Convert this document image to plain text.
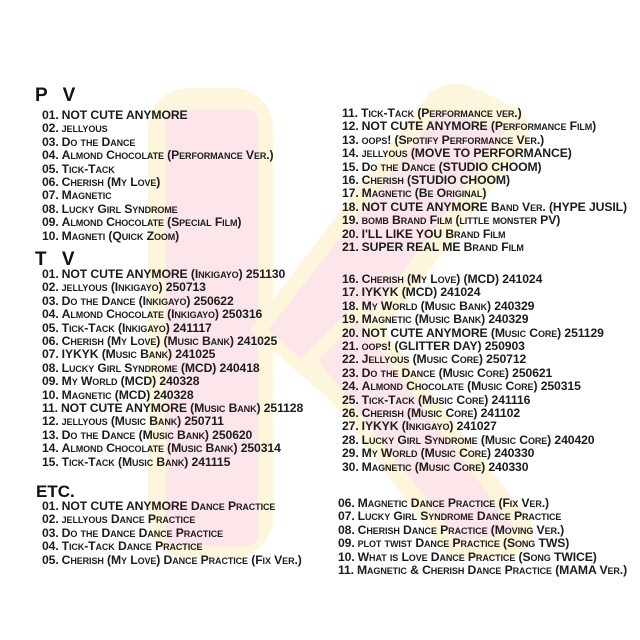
P V
01. NOT CUTE ANYMORE
02. jellyous
03. Do the Dance
04. Almond Chocolate (Performance Ver.)
05. Tick-Tack
06. Cherish (My Love)
07. Magnetic
08. Lucky Girl Syndrome
09. Almond Chocolate (Special Film)
10. Magneti (Quick Zoom)
11. Tick-Tack (Performance ver.)
12. NOT CUTE ANYMORE (Performance Film)
13. oops! (Spotify Performance Ver.)
14. jellyous (MOVE TO PERFORMANCE)
15. Do the Dance (STUDIO CHOOM)
16. Cherish (STUDIO CHOOM)
17. Magnetic (Be Original)
18. NOT CUTE ANYMORE Band Ver. (HYPE JUSIL)
19. bomb Brand Film (little monster PV)
20. I'LL LIKE YOU Brand Film
21. SUPER REAL ME Brand Film
T V
01. NOT CUTE ANYMORE (Inkigayo) 251130
02. jellyous (Inkigayo) 250713
03. Do the Dance (Inkigayo) 250622
04. Almond Chocolate (Inkigayo) 250316
05. Tick-Tack (Inkigayo) 241117
06. Cherish (My Love) (Music Bank) 241025
07. IYKYK (Music Bank) 241025
08. Lucky Girl Syndrome (MCD) 240418
09. My World (MCD) 240328
10. Magnetic (MCD) 240328
11. NOT CUTE ANYMORE (Music Bank) 251128
12. jellyous (Music Bank) 250711
13. Do the Dance (Music Bank) 250620
14. Almond Chocolate (Music Bank) 250314
15. Tick-Tack (Music Bank) 241115
16. Cherish (My Love) (MCD) 241024
17. IYKYK (MCD) 241024
18. My World (Music Bank) 240329
19. Magnetic (Music Bank) 240329
20. NOT CUTE ANYMORE (Music Core) 251129
21. oops! (GLITTER DAY) 250903
22. Jellyous (Music Core) 250712
23. Do the Dance (Music Core) 250621
24. Almond Chocolate (Music Core) 250315
25. Tick-Tack (Music Core) 241116
26. Cherish (Music Core) 241102
27. IYKYK (Inkigayo) 241027
28. Lucky Girl Syndrome (Music Core) 240420
29. My World (Music Core) 240330
30. Magnetic (Music Core) 240330
ETC.
01. NOT CUTE ANYMORE Dance Practice
02. jellyous Dance Practice
03. Do the Dance Dance Practice
04. Tick-Tack Dance Practice
05. Cherish (My Love) Dance Practice (Fix Ver.)
06. Magnetic Dance Practice (Fix Ver.)
07. Lucky Girl Syndrome Dance Practice
08. Cherish Dance Practice (Moving Ver.)
09. plot twist Dance Practice (Song TWS)
10. What is Love Dance Practice (Song TWICE)
11. Magnetic & Cherish Dance Practice (MAMA Ver.)
